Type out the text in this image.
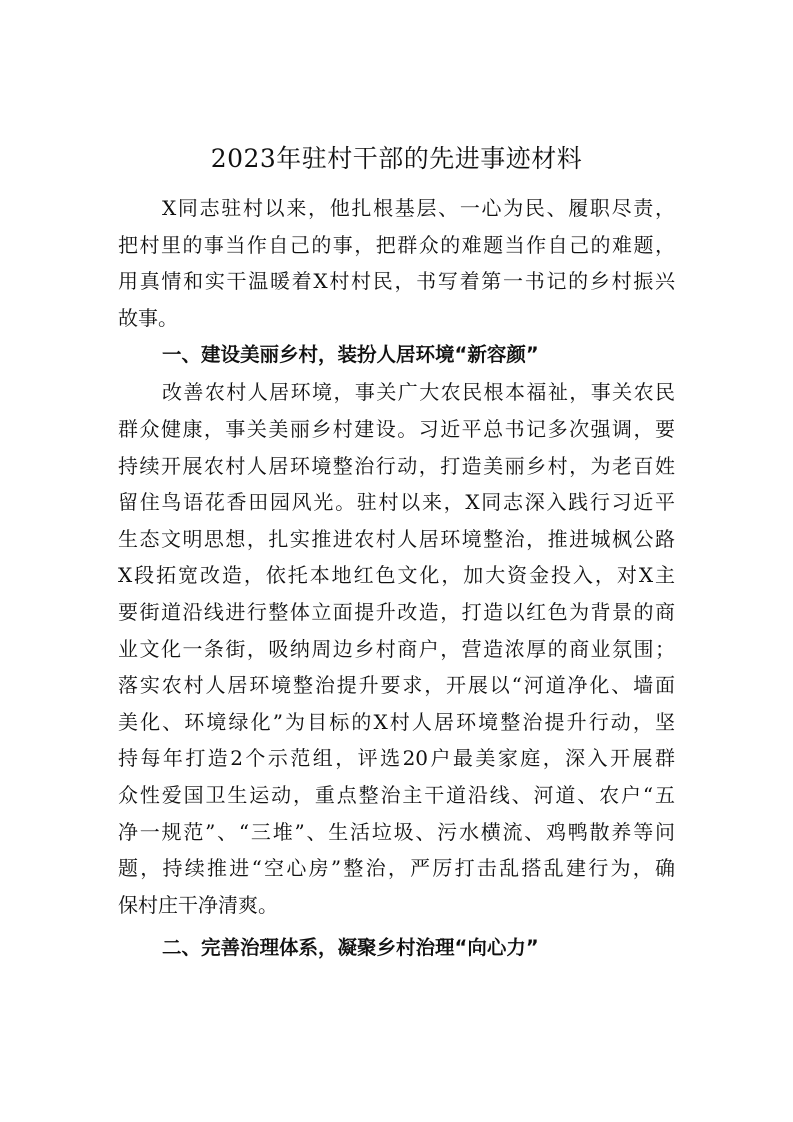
2023年驻村干部的先进事迹材料
X同志驻村以来，他扎根基层、一心为民、履职尽责，
把村里的事当作自己的事，把群众的难题当作自己的难题，
用真情和实干温暖着X村村民，书写着第一书记的乡村振兴
故事。
一、建设美丽乡村，装扮人居环境“新容颜”
改善农村人居环境，事关广大农民根本福祉，事关农民
群众健康，事关美丽乡村建设。习近平总书记多次强调，要
持续开展农村人居环境整治行动，打造美丽乡村，为老百姓
留住鸟语花香田园风光。驻村以来，X同志深入践行习近平
生态文明思想，扎实推进农村人居环境整治，推进城枫公路
X段拓宽改造，依托本地红色文化，加大资金投入，对X主
要街道沿线进行整体立面提升改造，打造以红色为背景的商
业文化一条街，吸纳周边乡村商户，营造浓厚的商业氛围；
落实农村人居环境整治提升要求，开展以“河道净化、墙面
美化、环境绿化”为目标的X村人居环境整治提升行动，坚
持每年打造2个示范组，评选20户最美家庭，深入开展群
众性爱国卫生运动，重点整治主干道沿线、河道、农户“五
净一规范”、“三堆”、生活垃圾、污水横流、鸡鸭散养等问
题，持续推进“空心房”整治，严厉打击乱搭乱建行为，确
保村庄干净清爽。
二、完善治理体系，凝聚乡村治理“向心力”
